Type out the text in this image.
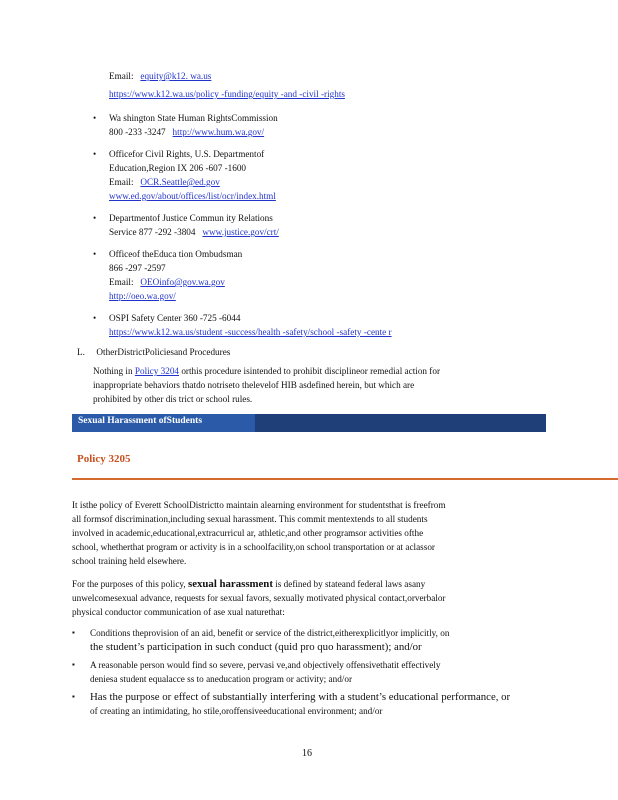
Email: equity@k12. wa.us
https://www.k12.wa.us/policy -funding/equity -and -civil -rights
• Wa shington State Human RightsCommission
800 -233 -3247 http://www.hum.wa.gov/
• Officefor Civil Rights, U.S. Departmentof
Education,Region IX 206 -607 -1600
Email: OCR.Seattle@ed.gov
www.ed.gov/about/offices/list/ocr/index.html
• Departmentof Justice Commun ity Relations
Service 877 -292 -3804 www.justice.gov/crt/
• Officeof theEduca tion Ombudsman
866 -297 -2597
Email: OEOinfo@gov.wa.gov
http://oeo.wa.gov/
• OSPI Safety Center 360 -725 -6044
https://www.k12.wa.us/student -success/health -safety/school -safety -cente r
L. OtherDistrictPoliciesand Procedures
Nothing in Policy 3204 orthis procedure isintended to prohibit disciplineor remedial action for
inappropriate behaviors thatdo notriseto thelevelof HIB asdefined herein, but which are
prohibited by other dis trict or school rules.
Sexual Harassment ofStudents
Policy 3205
It isthe policy of Everett SchoolDistrictto maintain alearning environment for studentsthat is freefrom
all formsof discrimination,including sexual harassment. This commit mentextends to all students
involved in academic,educational,extracurricul ar, athletic,and other programsor activities ofthe
school, whetherthat program or activity is in a schoolfacility,on school transportation or at aclassor
school training held elsewhere.
For the purposes of this policy, sexual harassment is defined by stateand federal laws asany
unwelcomesexual advance, requests for sexual favors, sexually motivated physical contact,orverbalor
physical conductor communication of ase xual naturethat:
▪ Conditions theprovision of an aid, benefit or service of the district,eitherexplicitlyor implicitly, on
the student’s participation in such conduct (quid pro quo harassment); and/or
▪ A reasonable person would find so severe, pervasi ve,and objectively offensivethatit effectively
deniesa student equalacce ss to aneducation program or activity; and/or
▪ Has the purpose or effect of substantially interfering with a student’s educational performance, or
of creating an intimidating, ho stile,orоffensiveeducational environment; and/or
16
